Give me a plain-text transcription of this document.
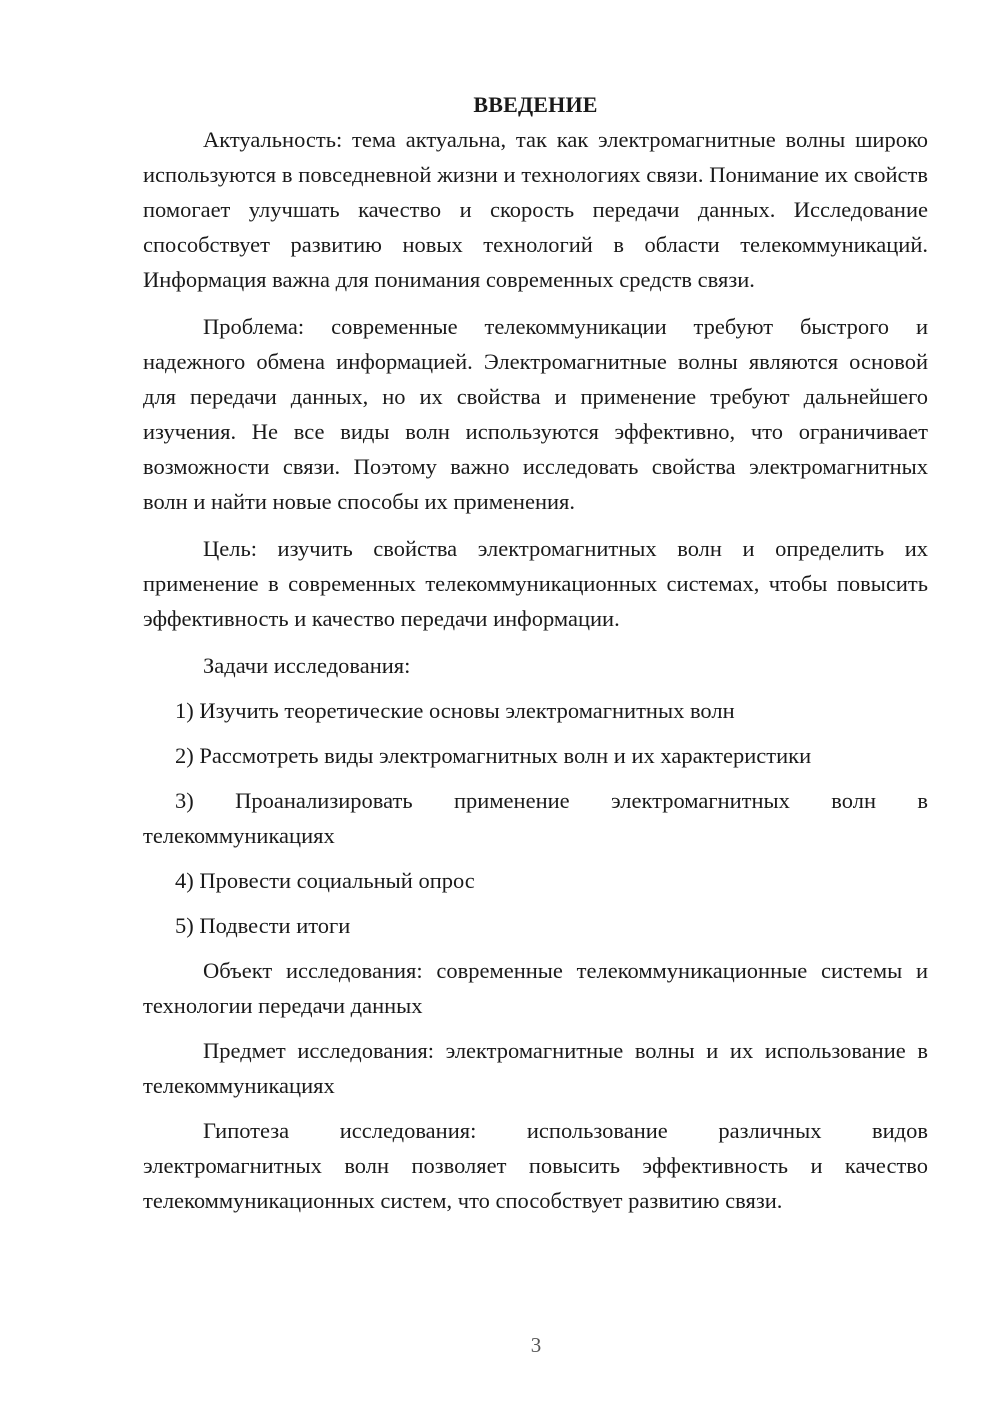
ВВЕДЕНИЕ

Актуальность: тема актуальна, так как электромагнитные волны широко используются в повседневной жизни и технологиях связи. Понимание их свойств помогает улучшать качество и скорость передачи данных. Исследование способствует развитию новых технологий в области телекоммуникаций. Информация важна для понимания современных средств связи.

Проблема: современные телекоммуникации требуют быстрого и надежного обмена информацией. Электромагнитные волны являются основой для передачи данных, но их свойства и применение требуют дальнейшего изучения. Не все виды волн используются эффективно, что ограничивает возможности связи. Поэтому важно исследовать свойства электромагнитных волн и найти новые способы их применения.

Цель: изучить свойства электромагнитных волн и определить их применение в современных телекоммуникационных системах, чтобы повысить эффективность и качество передачи информации.

Задачи исследования:

1) Изучить теоретические основы электромагнитных волн

2) Рассмотреть виды электромагнитных волн и их характеристики

3) Проанализировать применение электромагнитных волн в телекоммуникациях

4) Провести социальный опрос

5) Подвести итоги

Объект исследования: современные телекоммуникационные системы и технологии передачи данных

Предмет исследования: электромагнитные волны и их использование в телекоммуникациях

Гипотеза исследования: использование различных видов электромагнитных волн позволяет повысить эффективность и качество телекоммуникационных систем, что способствует развитию связи.

3
